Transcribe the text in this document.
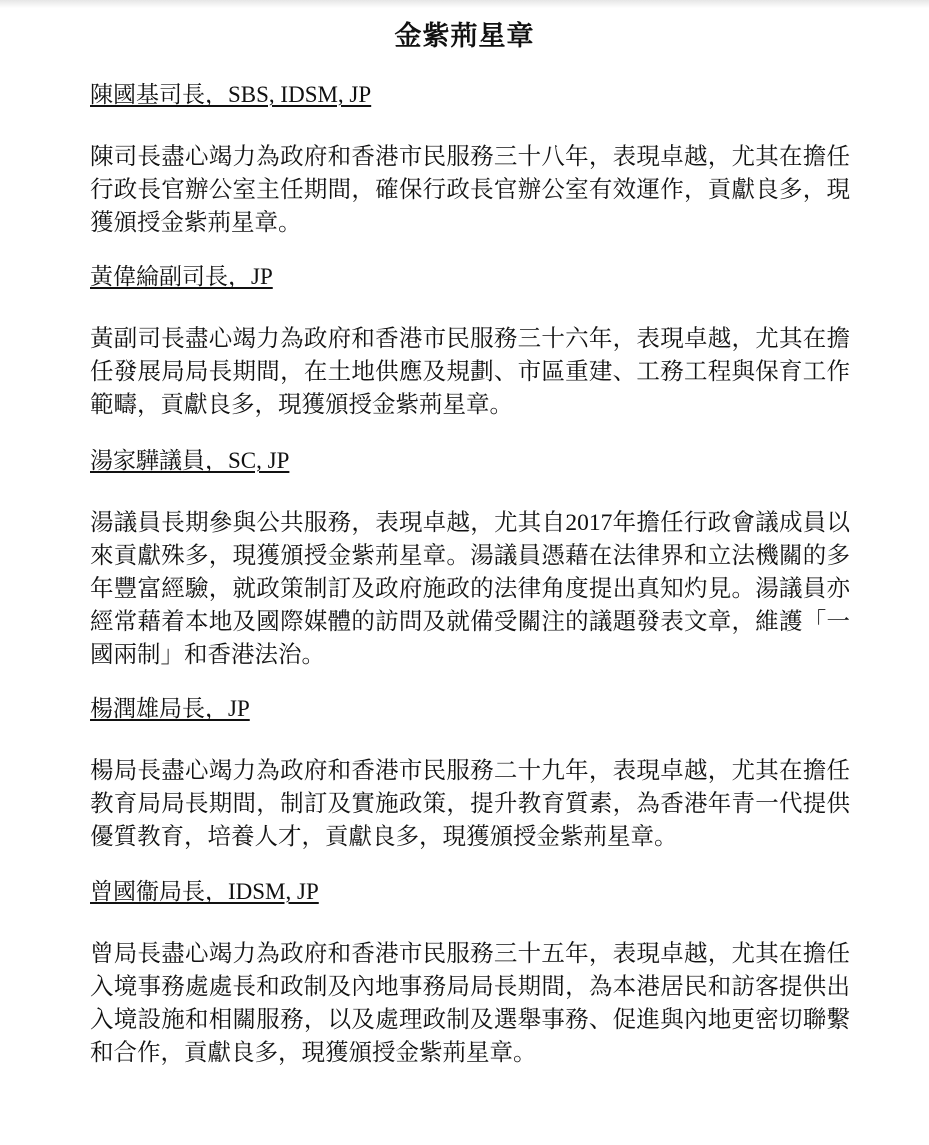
金紫荊星章
陳國基司長，SBS, IDSM, JP
陳司長盡心竭力為政府和香港市民服務三十八年，表現卓越，尤其在擔任行政長官辦公室主任期間，確保行政長官辦公室有效運作，貢獻良多，現獲頒授金紫荊星章。
黃偉綸副司長，JP
黃副司長盡心竭力為政府和香港市民服務三十六年，表現卓越，尤其在擔任發展局局長期間，在土地供應及規劃、市區重建、工務工程與保育工作範疇，貢獻良多，現獲頒授金紫荊星章。
湯家驊議員，SC, JP
湯議員長期參與公共服務，表現卓越，尤其自2017年擔任行政會議成員以來貢獻殊多，現獲頒授金紫荊星章。湯議員憑藉在法律界和立法機關的多年豐富經驗，就政策制訂及政府施政的法律角度提出真知灼見。湯議員亦經常藉着本地及國際媒體的訪問及就備受關注的議題發表文章，維護「一國兩制」和香港法治。
楊潤雄局長，JP
楊局長盡心竭力為政府和香港市民服務二十九年，表現卓越，尤其在擔任教育局局長期間，制訂及實施政策，提升教育質素，為香港年青一代提供優質教育，培養人才，貢獻良多，現獲頒授金紫荊星章。
曾國衞局長，IDSM, JP
曾局長盡心竭力為政府和香港市民服務三十五年，表現卓越，尤其在擔任入境事務處處長和政制及內地事務局局長期間，為本港居民和訪客提供出入境設施和相關服務，以及處理政制及選舉事務、促進與內地更密切聯繫和合作，貢獻良多，現獲頒授金紫荊星章。
